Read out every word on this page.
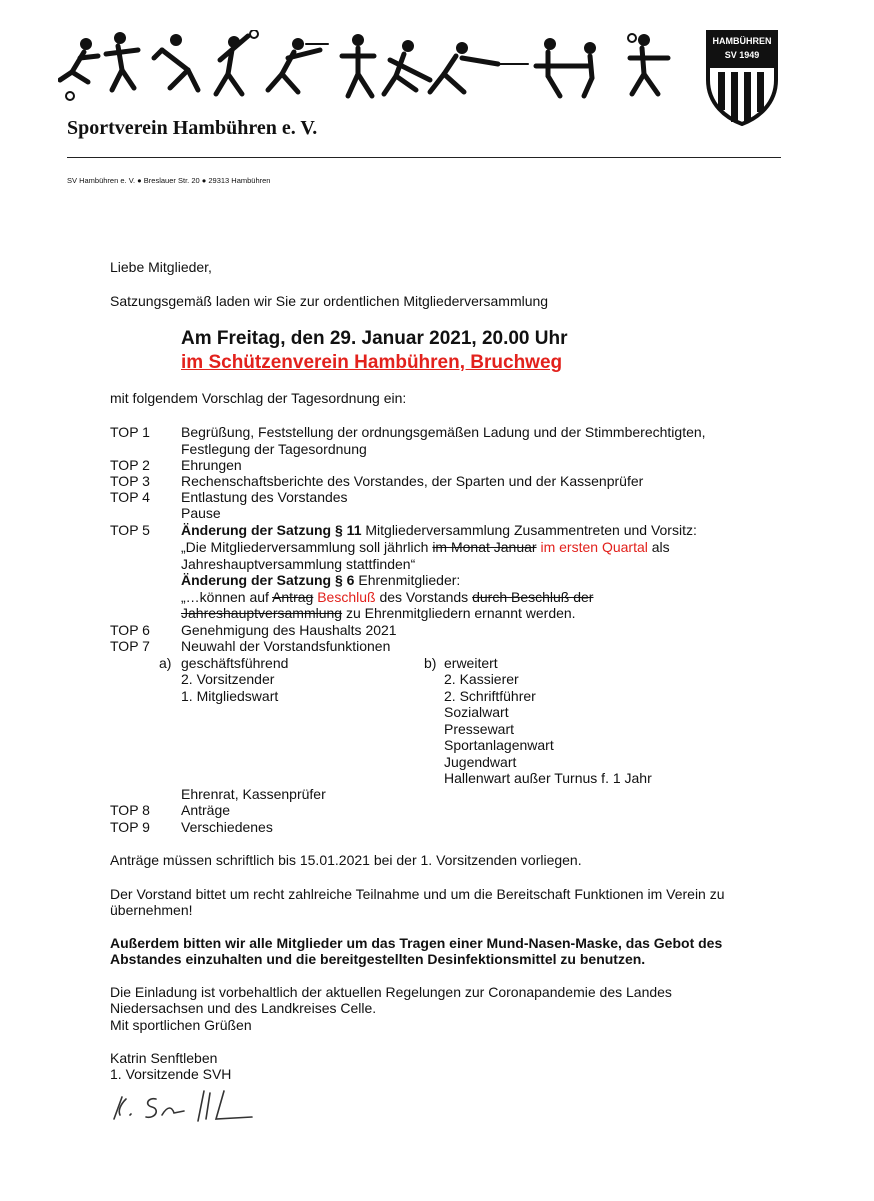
HAMBÜHREN
SV 1949
Sportverein Hambühren e. V.
SV Hambühren e. V. ● Breslauer Str. 20 ● 29313 Hambühren
Liebe Mitglieder,
Satzungsgemäß laden wir Sie zur ordentlichen Mitgliederversammlung
Am Freitag, den 29. Januar 2021, 20.00 Uhr
im Schützenverein Hambühren, Bruchweg
mit folgendem Vorschlag der Tagesordnung ein:
TOP 1 Begrüßung, Feststellung der ordnungsgemäßen Ladung und der Stimmberechtigten,
Festlegung der Tagesordnung
TOP 2 Ehrungen
TOP 3 Rechenschaftsberichte des Vorstandes, der Sparten und der Kassenprüfer
TOP 4 Entlastung des Vorstandes
Pause
TOP 5 Änderung der Satzung § 11 Mitgliederversammlung Zusammentreten und Vorsitz:
„Die Mitgliederversammlung soll jährlich im Monat Januar im ersten Quartal als
Jahreshauptversammlung stattfinden“
Änderung der Satzung § 6 Ehrenmitglieder:
„…können auf Antrag Beschluß des Vorstands durch Beschluß der
Jahreshauptversammlung zu Ehrenmitgliedern ernannt werden.
TOP 6 Genehmigung des Haushalts 2021
TOP 7 Neuwahl der Vorstandsfunktionen
a) geschäftsführend
2. Vorsitzender
1. Mitgliedswart
b) erweitert
2. Kassierer
2. Schriftführer
Sozialwart
Pressewart
Sportanlagenwart
Jugendwart
Hallenwart außer Turnus f. 1 Jahr
Ehrenrat, Kassenprüfer
TOP 8 Anträge
TOP 9 Verschiedenes
Anträge müssen schriftlich bis 15.01.2021 bei der 1. Vorsitzenden vorliegen.
Der Vorstand bittet um recht zahlreiche Teilnahme und um die Bereitschaft Funktionen im Verein zu
übernehmen!
Außerdem bitten wir alle Mitglieder um das Tragen einer Mund-Nasen-Maske, das Gebot des
Abstandes einzuhalten und die bereitgestellten Desinfektionsmittel zu benutzen.
Die Einladung ist vorbehaltlich der aktuellen Regelungen zur Coronapandemie des Landes
Niedersachsen und des Landkreises Celle.
Mit sportlichen Grüßen
Katrin Senftleben
1. Vorsitzende SVH
